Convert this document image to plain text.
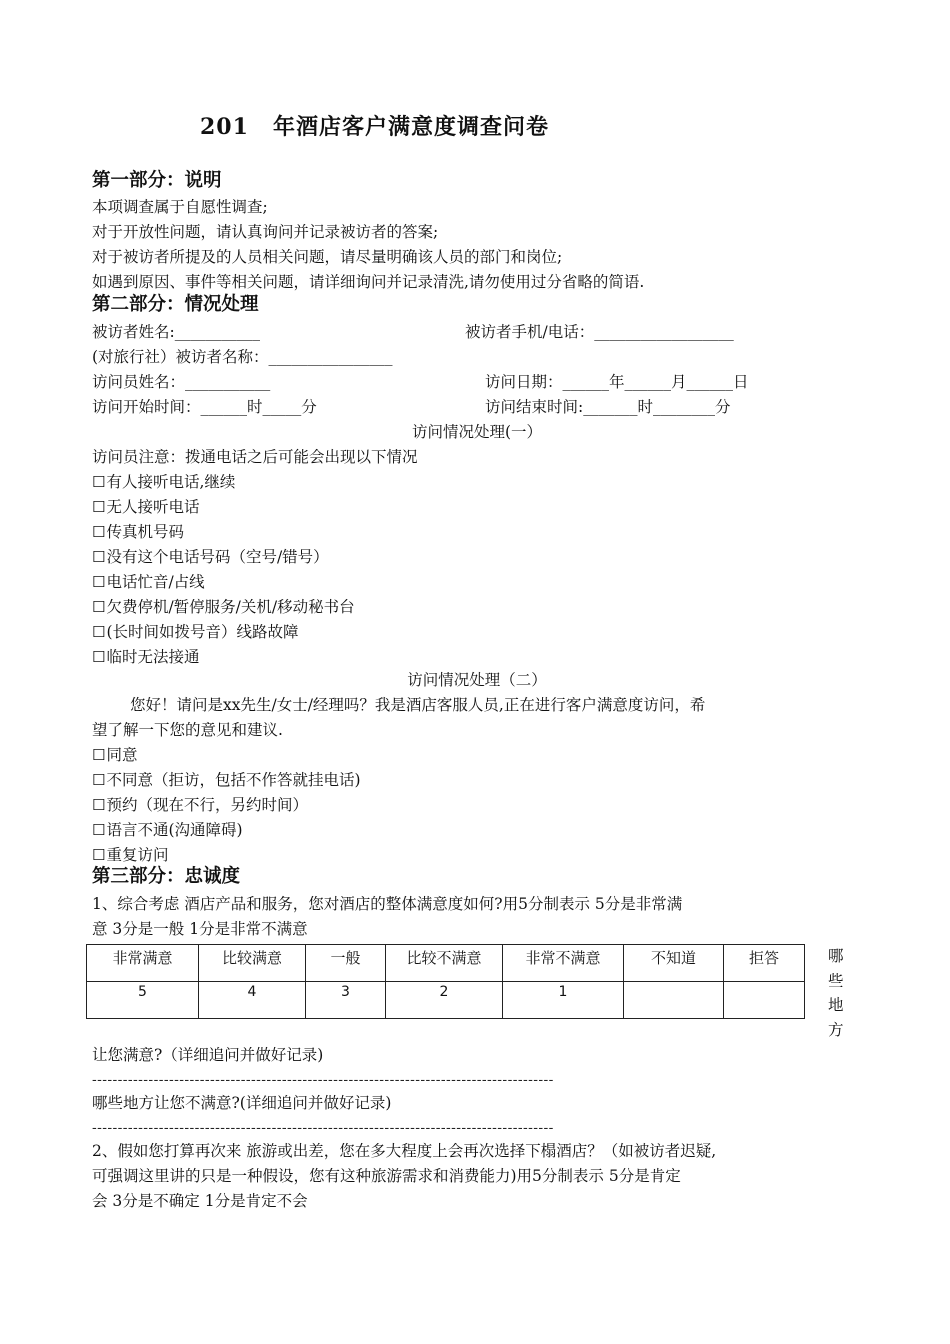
201 年酒店客户满意度调查问卷
第一部分：说明
本项调查属于自愿性调查;
对于开放性问题，请认真询问并记录被访者的答案;
对于被访者所提及的人员相关问题，请尽量明确该人员的部门和岗位;
如遇到原因、事件等相关问题，请详细询问并记录清洗,请勿使用过分省略的简语.
第二部分：情况处理
被访者姓名:___________	被访者手机/电话：__________________
(对旅行社）被访者名称：________________
访问员姓名：___________	访问日期：______年______月______日
访问开始时间：______时_____分	访问结束时间:_______时________分
访问情况处理(一）
访问员注意：拨通电话之后可能会出现以下情况
☐有人接听电话,继续
☐无人接听电话
☐传真机号码
☐没有这个电话号码（空号/错号）
☐电话忙音/占线
☐欠费停机/暂停服务/关机/移动秘书台
☐(长时间如拨号音）线路故障
☐临时无法接通
访问情况处理（二）
您好！请问是xx先生/女士/经理吗？我是酒店客服人员,正在进行客户满意度访问，希
望了解一下您的意见和建议.
☐同意
☐不同意（拒访，包括不作答就挂电话)
☐预约（现在不行，另约时间）
☐语言不通(沟通障碍)
☐重复访问
第三部分：忠诚度
1、综合考虑 酒店产品和服务，您对酒店的整体满意度如何?用5分制表示 5分是非常满
意 3分是一般 1分是非常不满意
让您满意?（详细追问并做好记录)
哪些地方让您不满意?(详细追问并做好记录)
2、假如您打算再次来 旅游或出差，您在多大程度上会再次选择下榻酒店？（如被访者迟疑,
可强调这里讲的只是一种假设，您有这种旅游需求和消费能力)用5分制表示 5分是肯定
会 3分是不确定 1分是肯定不会
非常满意	比较满意	一般	比较不满意	非常不满意	不知道	拒答
5	4	3	2	1		
哪
些
地
方
------------------------------------------------------------------------------------------
------------------------------------------------------------------------------------------
